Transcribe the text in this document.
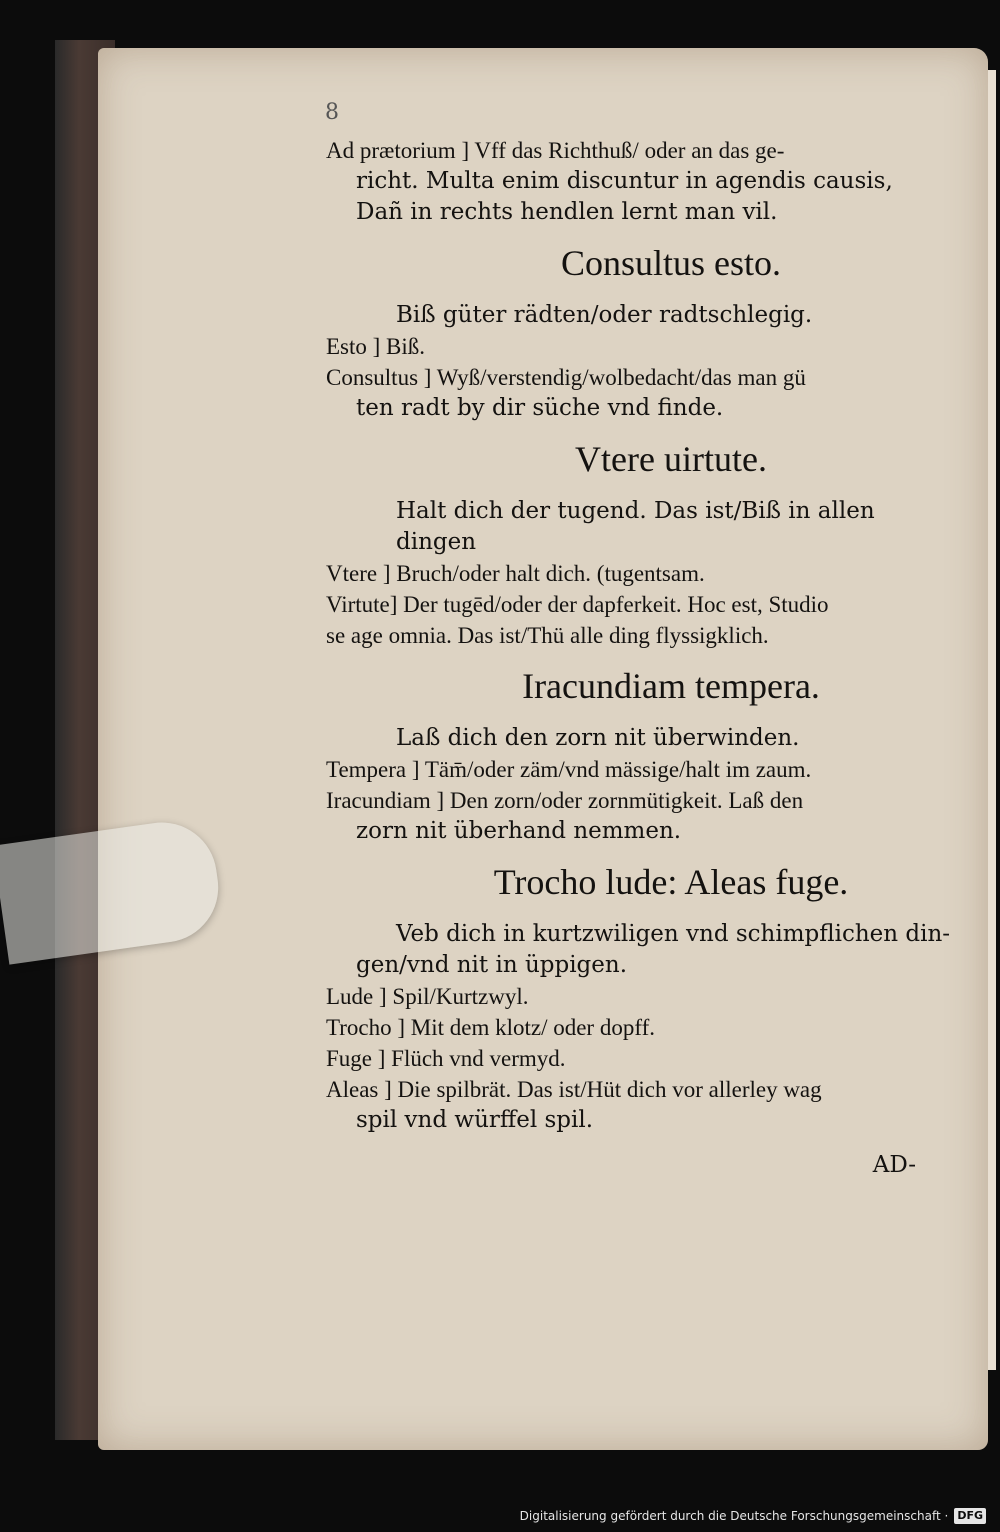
8
Ad prætorium ] Vff das Richthuß/ oder an das ge-
richt. Multa enim discuntur in agendis causis,
Dañ in rechts hendlen lernt man vil.
Consultus esto.
Biß güter rädten/oder radtschlegig.
Esto ] Biß.
Consultus ] Wyß/verstendig/wolbedacht/das man gü
ten radt by dir süche vnd finde.
Vtere uirtute.
Halt dich der tugend. Das ist/Biß in allen dingen
Vtere ] Bruch/oder halt dich. (tugentsam.
Virtute] Der tugēd/oder der dapferkeit. Hoc est, Studio
se age omnia. Das ist/Thü alle ding flyssigklich.
Iracundiam tempera.
Laß dich den zorn nit überwinden.
Tempera ] Täm̄/oder zäm/vnd mässige/halt im zaum.
Iracundiam ] Den zorn/oder zornmütigkeit. Laß den
zorn nit überhand nemmen.
Trocho lude: Aleas fuge.
Veb dich in kurtzwiligen vnd schimpflichen din-
gen/vnd nit in üppigen.
Lude ] Spil/Kurtzwyl.
Trocho ] Mit dem klotz/ oder dopff.
Fuge ] Flüch vnd vermyd.
Aleas ] Die spilbrät. Das ist/Hüt dich vor allerley wag
spil vnd würffel spil.
AD-
Digitalisierung gefördert durch die Deutsche Forschungsgemeinschaft · DFG
